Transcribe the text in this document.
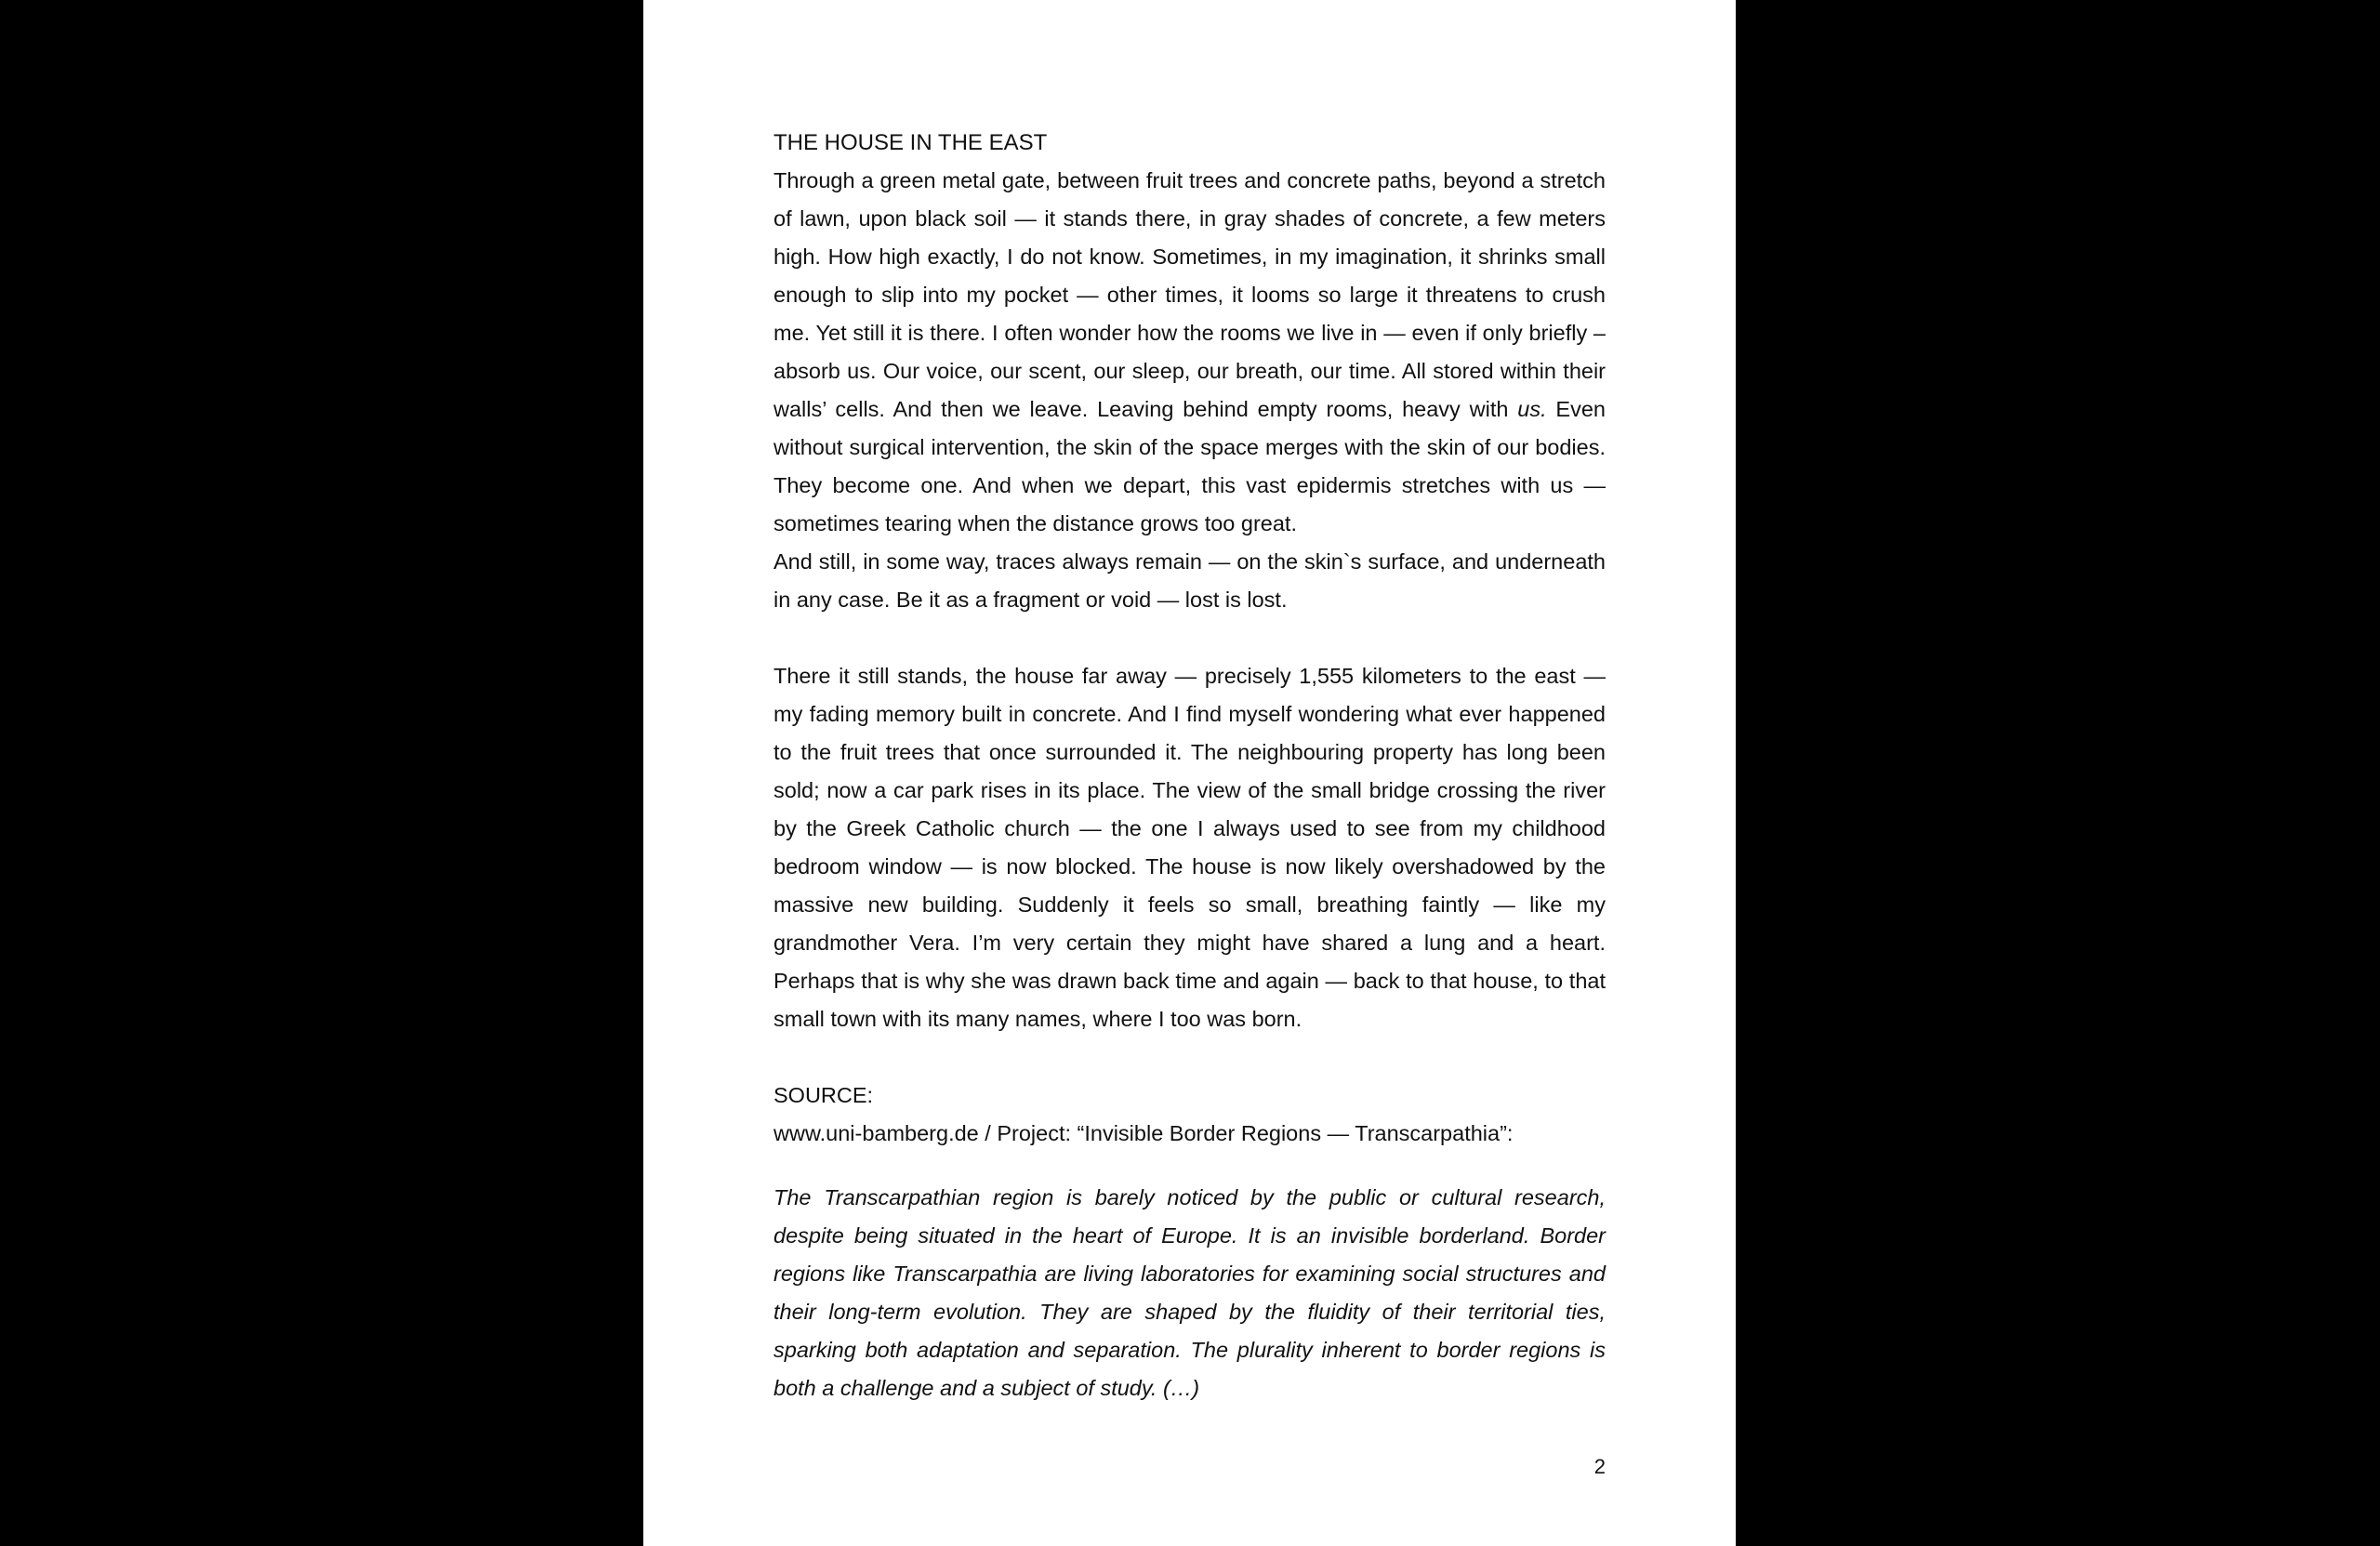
THE HOUSE IN THE EAST

Through a green metal gate, between fruit trees and concrete paths, beyond a stretch of lawn, upon black soil — it stands there, in gray shades of concrete, a few meters high. How high exactly, I do not know. Sometimes, in my imagination, it shrinks small enough to slip into my pocket — other times, it looms so large it threatens to crush me. Yet still it is there. I often wonder how the rooms we live in — even if only briefly – absorb us. Our voice, our scent, our sleep, our breath, our time. All stored within their walls’ cells. And then we leave. Leaving behind empty rooms, heavy with us. Even without surgical intervention, the skin of the space merges with the skin of our bodies. They become one. And when we depart, this vast epidermis stretches with us — sometimes tearing when the distance grows too great.

And still, in some way, traces always remain — on the skin`s surface, and underneath in any case. Be it as a fragment or void — lost is lost.

There it still stands, the house far away — precisely 1,555 kilometers to the east — my fading memory built in concrete. And I find myself wondering what ever happened to the fruit trees that once surrounded it. The neighbouring property has long been sold; now a car park rises in its place. The view of the small bridge crossing the river by the Greek Catholic church — the one I always used to see from my childhood bedroom window — is now blocked. The house is now likely overshadowed by the massive new building. Suddenly it feels so small, breathing faintly — like my grandmother Vera. I’m very certain they might have shared a lung and a heart. Perhaps that is why she was drawn back time and again — back to that house, to that small town with its many names, where I too was born.

SOURCE:

www.uni-bamberg.de / Project: “Invisible Border Regions — Transcarpathia”:

The Transcarpathian region is barely noticed by the public or cultural research, despite being situated in the heart of Europe. It is an invisible borderland. Border regions like Transcarpathia are living laboratories for examining social structures and their long-term evolution. They are shaped by the fluidity of their territorial ties, sparking both adaptation and separation. The plurality inherent to border regions is both a challenge and a subject of study. (…)

2
